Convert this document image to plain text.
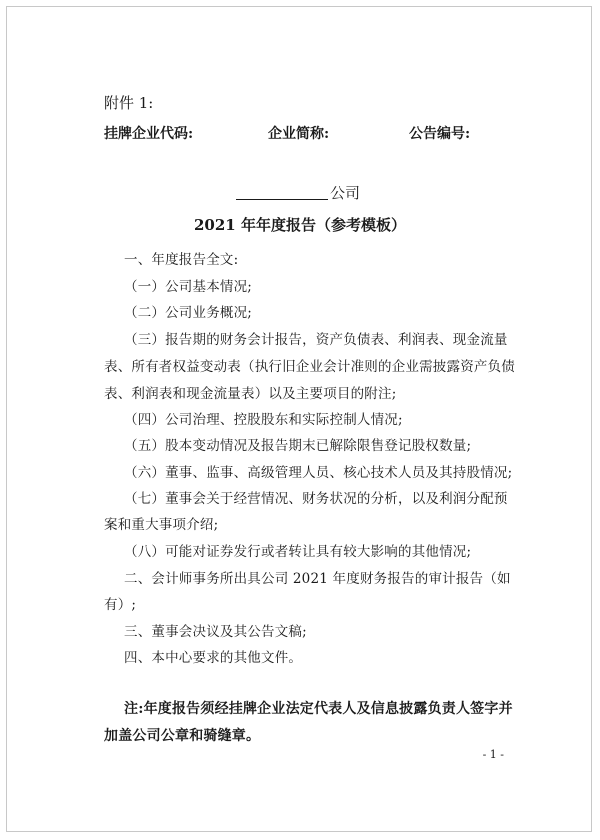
附件 1:
挂牌企业代码:	企业简称:	公告编号:
公司
2021 年年度报告（参考模板）
一、年度报告全文:
（一）公司基本情况;
（二）公司业务概况;
（三）报告期的财务会计报告，资产负债表、利润表、现金流量
表、所有者权益变动表（执行旧企业会计准则的企业需披露资产负债
表、利润表和现金流量表）以及主要项目的附注;
（四）公司治理、控股股东和实际控制人情况;
（五）股本变动情况及报告期末已解除限售登记股权数量;
（六）董事、监事、高级管理人员、核心技术人员及其持股情况;
（七）董事会关于经营情况、财务状况的分析，以及利润分配预
案和重大事项介绍;
（八）可能对证券发行或者转让具有较大影响的其他情况;
二、会计师事务所出具公司 2021 年度财务报告的审计报告（如
有）;
三、董事会决议及其公告文稿;
四、本中心要求的其他文件。
注:年度报告须经挂牌企业法定代表人及信息披露负责人签字并
加盖公司公章和骑缝章。
- 1 -
